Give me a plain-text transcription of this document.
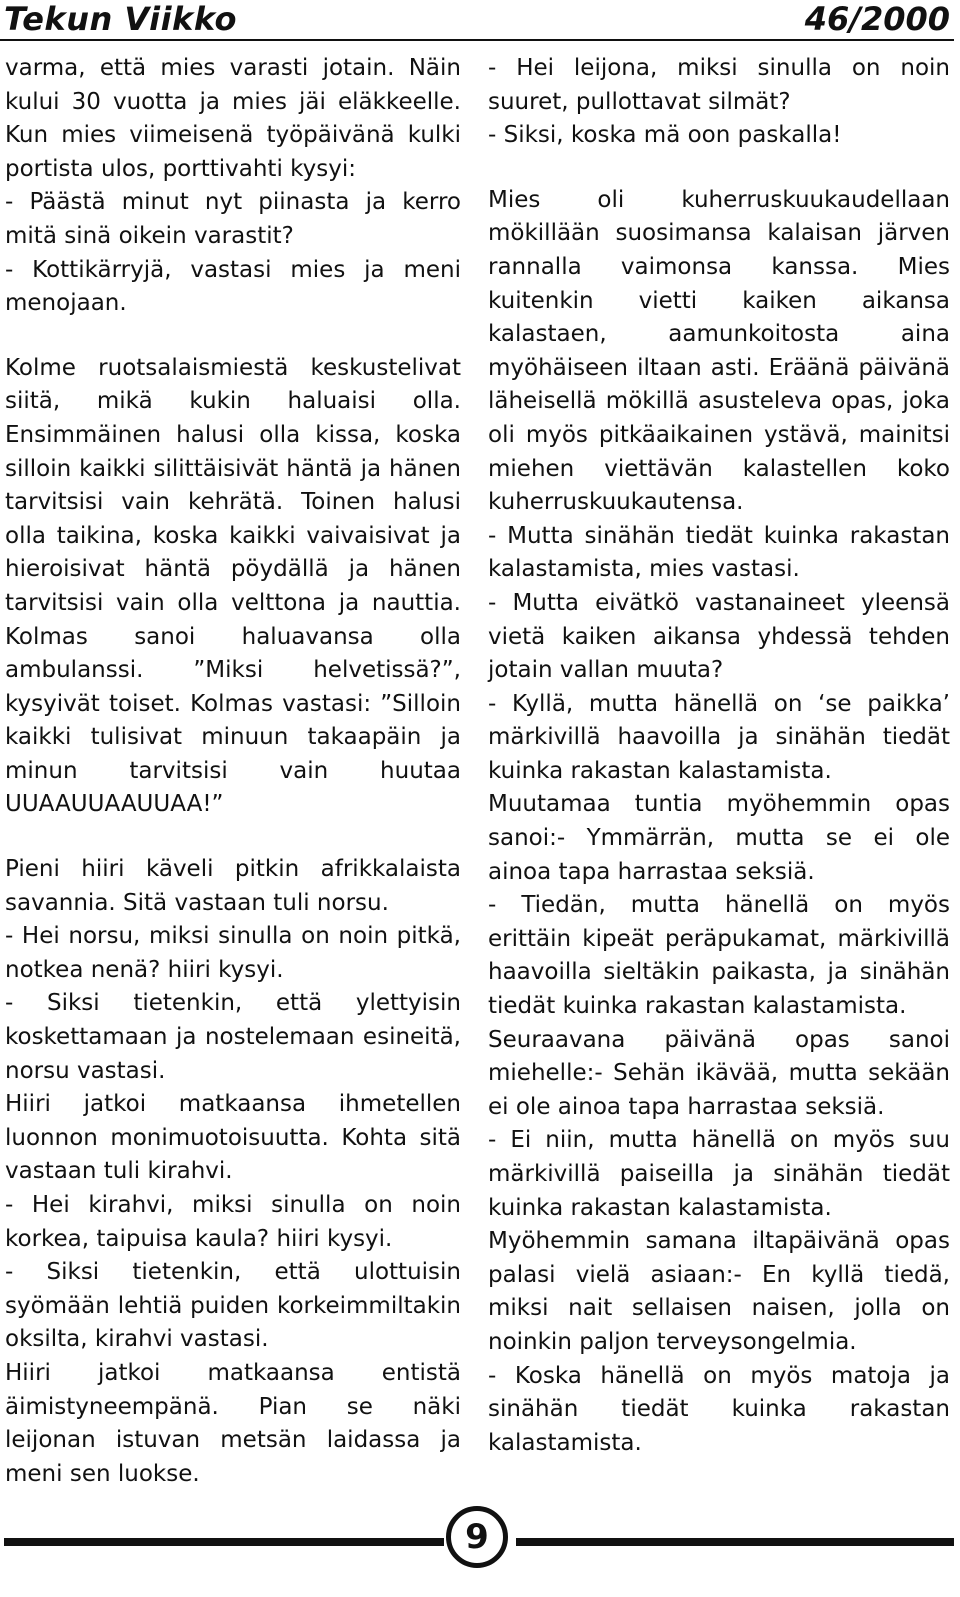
Tekun Viikko	46/2000

varma, että mies varasti jotain. Näin kului 30 vuotta ja mies jäi eläkkeelle. Kun mies viimeisenä työpäivänä kulki portista ulos, porttivahti kysyi:

- Päästä minut nyt piinasta ja kerro mitä sinä oikein varastit?

- Kottikärryjä, vastasi mies ja meni menojaan.

Kolme ruotsalaismiestä keskustelivat siitä, mikä kukin haluaisi olla. Ensimmäinen halusi olla kissa, koska silloin kaikki silittäisivät häntä ja hänen tarvitsisi vain kehrätä. Toinen halusi olla taikina, koska kaikki vaivaisivat ja hieroisivat häntä pöydällä ja hänen tarvitsisi vain olla velttona ja nauttia. Kolmas sanoi haluavansa olla ambulanssi. ”Miksi helvetissä?”, kysyivät toiset. Kolmas vastasi: ”Silloin kaikki tulisivat minuun takaapäin ja minun tarvitsisi vain huutaa UUAAUUAAUUAA!”

Pieni hiiri käveli pitkin afrikkalaista savannia. Sitä vastaan tuli norsu.

- Hei norsu, miksi sinulla on noin pitkä, notkea nenä? hiiri kysyi.

- Siksi tietenkin, että ylettyisin koskettamaan ja nostelemaan esineitä, norsu vastasi.

Hiiri jatkoi matkaansa ihmetellen luonnon monimuotoisuutta. Kohta sitä vastaan tuli kirahvi.

- Hei kirahvi, miksi sinulla on noin korkea, taipuisa kaula? hiiri kysyi.

- Siksi tietenkin, että ulottuisin syömään lehtiä puiden korkeimmiltakin oksilta, kirahvi vastasi.

Hiiri jatkoi matkaansa entistä äimistyneempänä. Pian se näki leijonan istuvan metsän laidassa ja meni sen luokse.

- Hei leijona, miksi sinulla on noin suuret, pullottavat silmät?

- Siksi, koska mä oon paskalla!

Mies oli kuherruskuukaudellaan mökillään suosimansa kalaisan järven rannalla vaimonsa kanssa. Mies kuitenkin vietti kaiken aikansa kalastaen, aamunkoitosta aina myöhäiseen iltaan asti. Eräänä päivänä läheisellä mökillä asusteleva opas, joka oli myös pitkäaikainen ystävä, mainitsi miehen viettävän kalastellen koko kuherruskuukautensa.

- Mutta sinähän tiedät kuinka rakastan kalastamista, mies vastasi.

- Mutta eivätkö vastanaineet yleensä vietä kaiken aikansa yhdessä tehden jotain vallan muuta?

- Kyllä, mutta hänellä on ‘se paikka’ märkivillä haavoilla ja sinähän tiedät kuinka rakastan kalastamista.

Muutamaa tuntia myöhemmin opas sanoi:- Ymmärrän, mutta se ei ole ainoa tapa harrastaa seksiä.

- Tiedän, mutta hänellä on myös erittäin kipeät peräpukamat, märkivillä haavoilla sieltäkin paikasta, ja sinähän tiedät kuinka rakastan kalastamista.

Seuraavana päivänä opas sanoi miehelle:- Sehän ikävää, mutta sekään ei ole ainoa tapa harrastaa seksiä.

- Ei niin, mutta hänellä on myös suu märkivillä paiseilla ja sinähän tiedät kuinka rakastan kalastamista.

Myöhemmin samana iltapäivänä opas palasi vielä asiaan:- En kyllä tiedä, miksi nait sellaisen naisen, jolla on noinkin paljon terveysongelmia.

- Koska hänellä on myös matoja ja sinähän tiedät kuinka rakastan kalastamista.

9
